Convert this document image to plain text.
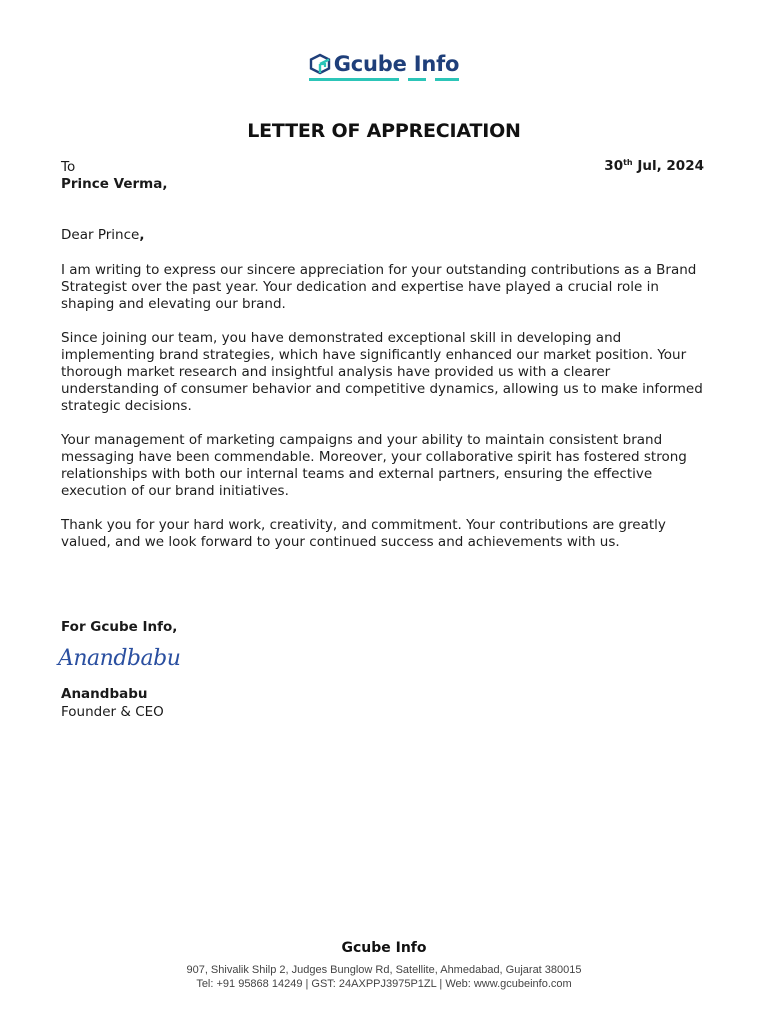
Gcube Info
LETTER OF APPRECIATION
To	30th Jul, 2024
Prince Verma,
Dear Prince,
I am writing to express our sincere appreciation for your outstanding contributions as a Brand Strategist over the past year. Your dedication and expertise have played a crucial role in shaping and elevating our brand.
Since joining our team, you have demonstrated exceptional skill in developing and implementing brand strategies, which have significantly enhanced our market position. Your thorough market research and insightful analysis have provided us with a clearer understanding of consumer behavior and competitive dynamics, allowing us to make informed strategic decisions.
Your management of marketing campaigns and your ability to maintain consistent brand messaging have been commendable. Moreover, your collaborative spirit has fostered strong relationships with both our internal teams and external partners, ensuring the effective execution of our brand initiatives.
Thank you for your hard work, creativity, and commitment. Your contributions are greatly valued, and we look forward to your continued success and achievements with us.
For Gcube Info,
Anandbabu
Anandbabu
Founder & CEO
Gcube Info
907, Shivalik Shilp 2, Judges Bunglow Rd, Satellite, Ahmedabad, Gujarat 380015
Tel: +91 95868 14249 | GST: 24AXPPJ3975P1ZL | Web: www.gcubeinfo.com
